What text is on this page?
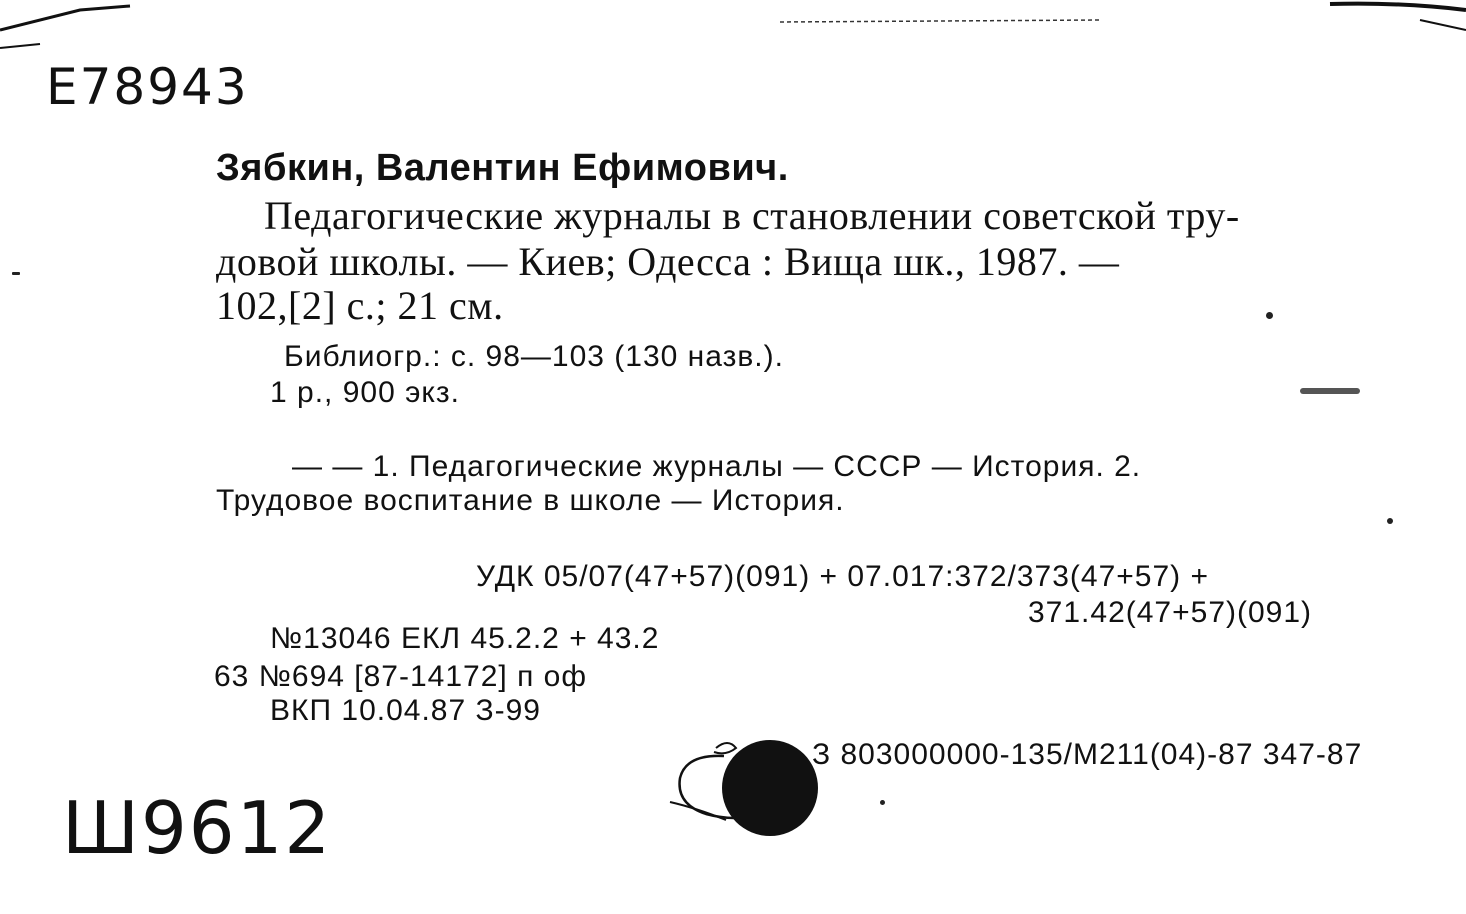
Е78943
Зябкин, Валентин Ефимович.
Педагогические журналы в становлении советской тру-
довой школы. — Киев; Одесса : Вища шк., 1987. —
102,[2] с.; 21 см.
Библиогр.: с. 98—103 (130 назв.).
1 р., 900 экз.
— — 1. Педагогические журналы — СССР — История. 2.
Трудовое воспитание в школе — История.
УДК 05/07(47+57)(091) + 07.017:372/373(47+57) +
371.42(47+57)(091)
№13046 ЕКЛ 45.2.2 + 43.2
63 №694 [87-14172] п оф
ВКП 10.04.87 З-99
З 803000000-135/М211(04)-87 347-87
Ш9612
